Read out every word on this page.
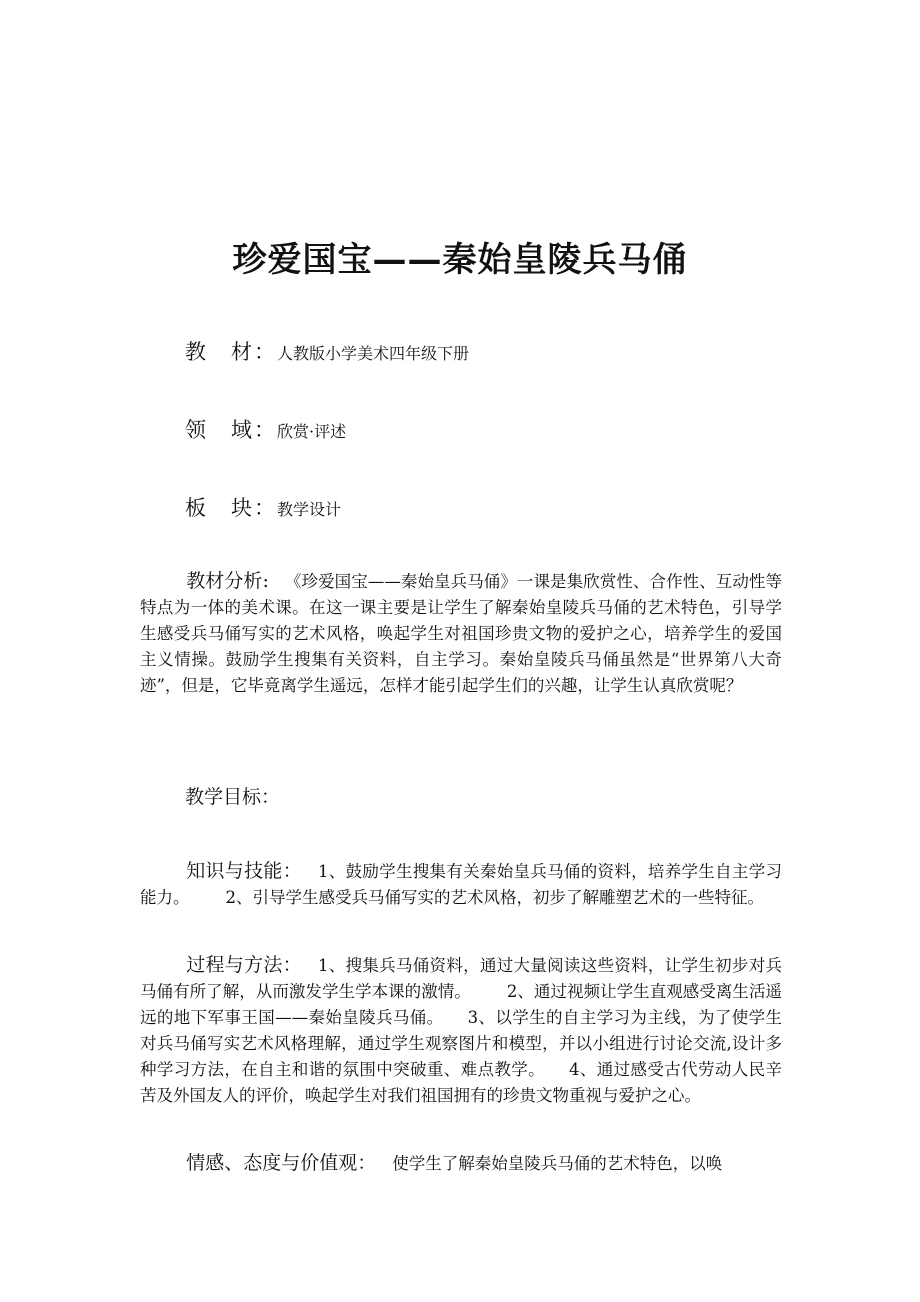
珍爱国宝——秦始皇陵兵马俑
教　材：人教版小学美术四年级下册
领　域：欣赏·评述
板　块：教学设计
教材分析: 《珍爱国宝——秦始皇兵马俑》一课是集欣赏性、合作性、互动性等特点为一体的美术课。在这一课主要是让学生了解秦始皇陵兵马俑的艺术特色，引导学生感受兵马俑写实的艺术风格，唤起学生对祖国珍贵文物的爱护之心，培养学生的爱国主义情操。鼓励学生搜集有关资料，自主学习。秦始皇陵兵马俑虽然是“世界第八大奇迹”，但是，它毕竟离学生遥远，怎样才能引起学生们的兴趣，让学生认真欣赏呢？
教学目标：
知识与技能： 1、鼓励学生搜集有关秦始皇兵马俑的资料，培养学生自主学习能力。 2、引导学生感受兵马俑写实的艺术风格，初步了解雕塑艺术的一些特征。
过程与方法： 1、搜集兵马俑资料，通过大量阅读这些资料，让学生初步对兵马俑有所了解，从而激发学生学本课的激情。 2、通过视频让学生直观感受离生活遥远的地下军事王国——秦始皇陵兵马俑。 3、以学生的自主学习为主线，为了使学生对兵马俑写实艺术风格理解，通过学生观察图片和模型，并以小组进行讨论交流,设计多种学习方法，在自主和谐的氛围中突破重、难点教学。 4、通过感受古代劳动人民辛苦及外国友人的评价，唤起学生对我们祖国拥有的珍贵文物重视与爱护之心。
情感、态度与价值观： 使学生了解秦始皇陵兵马俑的艺术特色，以唤
